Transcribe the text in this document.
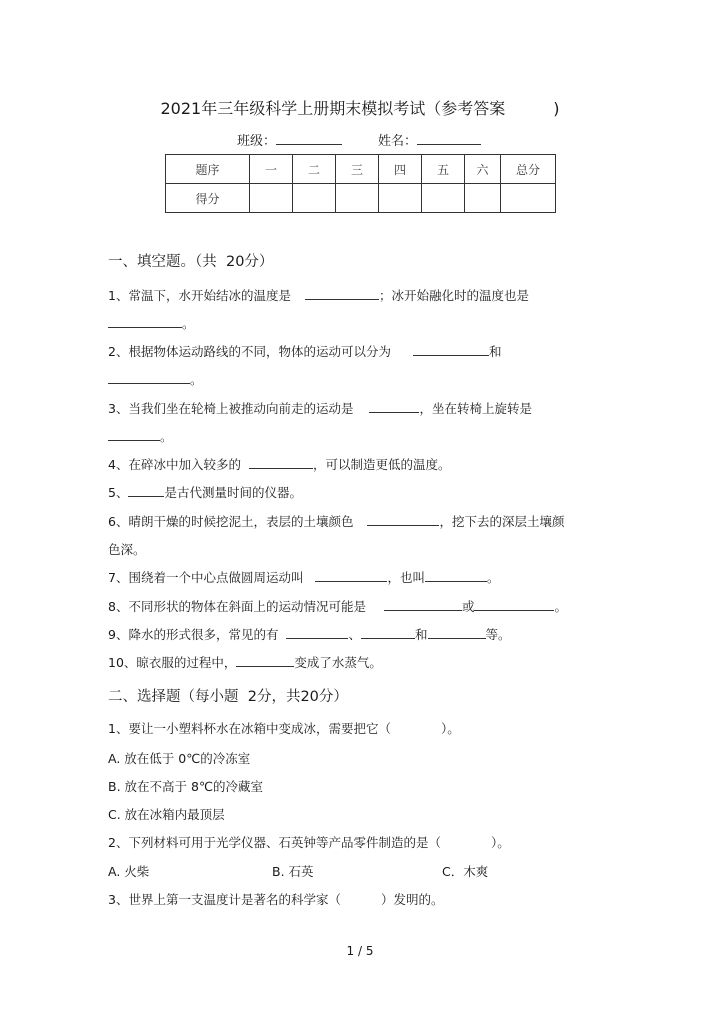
2021年三年级科学上册期末模拟考试（参考答案	)
班级：	姓名：
题序	一	二	三	四	五	六	总分
得分							
一、填空题。（共 20分）
1、常温下，水开始结冰的温度是	；冰开始融化时的温度也是
。
2、根据物体运动路线的不同，物体的运动可以分为	和
。
3、当我们坐在轮椅上被推动向前走的运动是	，坐在转椅上旋转是
。
4、在碎冰中加入较多的	，可以制造更低的温度。
5、	是古代测量时间的仪器。
6、晴朗干燥的时候挖泥土，表层的土壤颜色	，挖下去的深层土壤颜
色深。
7、围绕着一个中心点做圆周运动叫	，也叫	。
8、不同形状的物体在斜面上的运动情况可能是	或	。
9、降水的形式很多，常见的有	、	和	等。
10、晾衣服的过程中，	变成了水蒸气。
二、选择题（每小题 2分，共20分）
1、要让一小塑料杯水在冰箱中变成冰，需要把它（	）。
A. 放在低于 0℃的冷冻室
B. 放在不高于 8℃的冷藏室
C. 放在冰箱内最顶层
2、下列材料可用于光学仪器、石英钟等产品零件制造的是（	）。
A. 火柴	B. 石英	C．木爽
3、世界上第一支温度计是著名的科学家（	）发明的。
1 / 5
